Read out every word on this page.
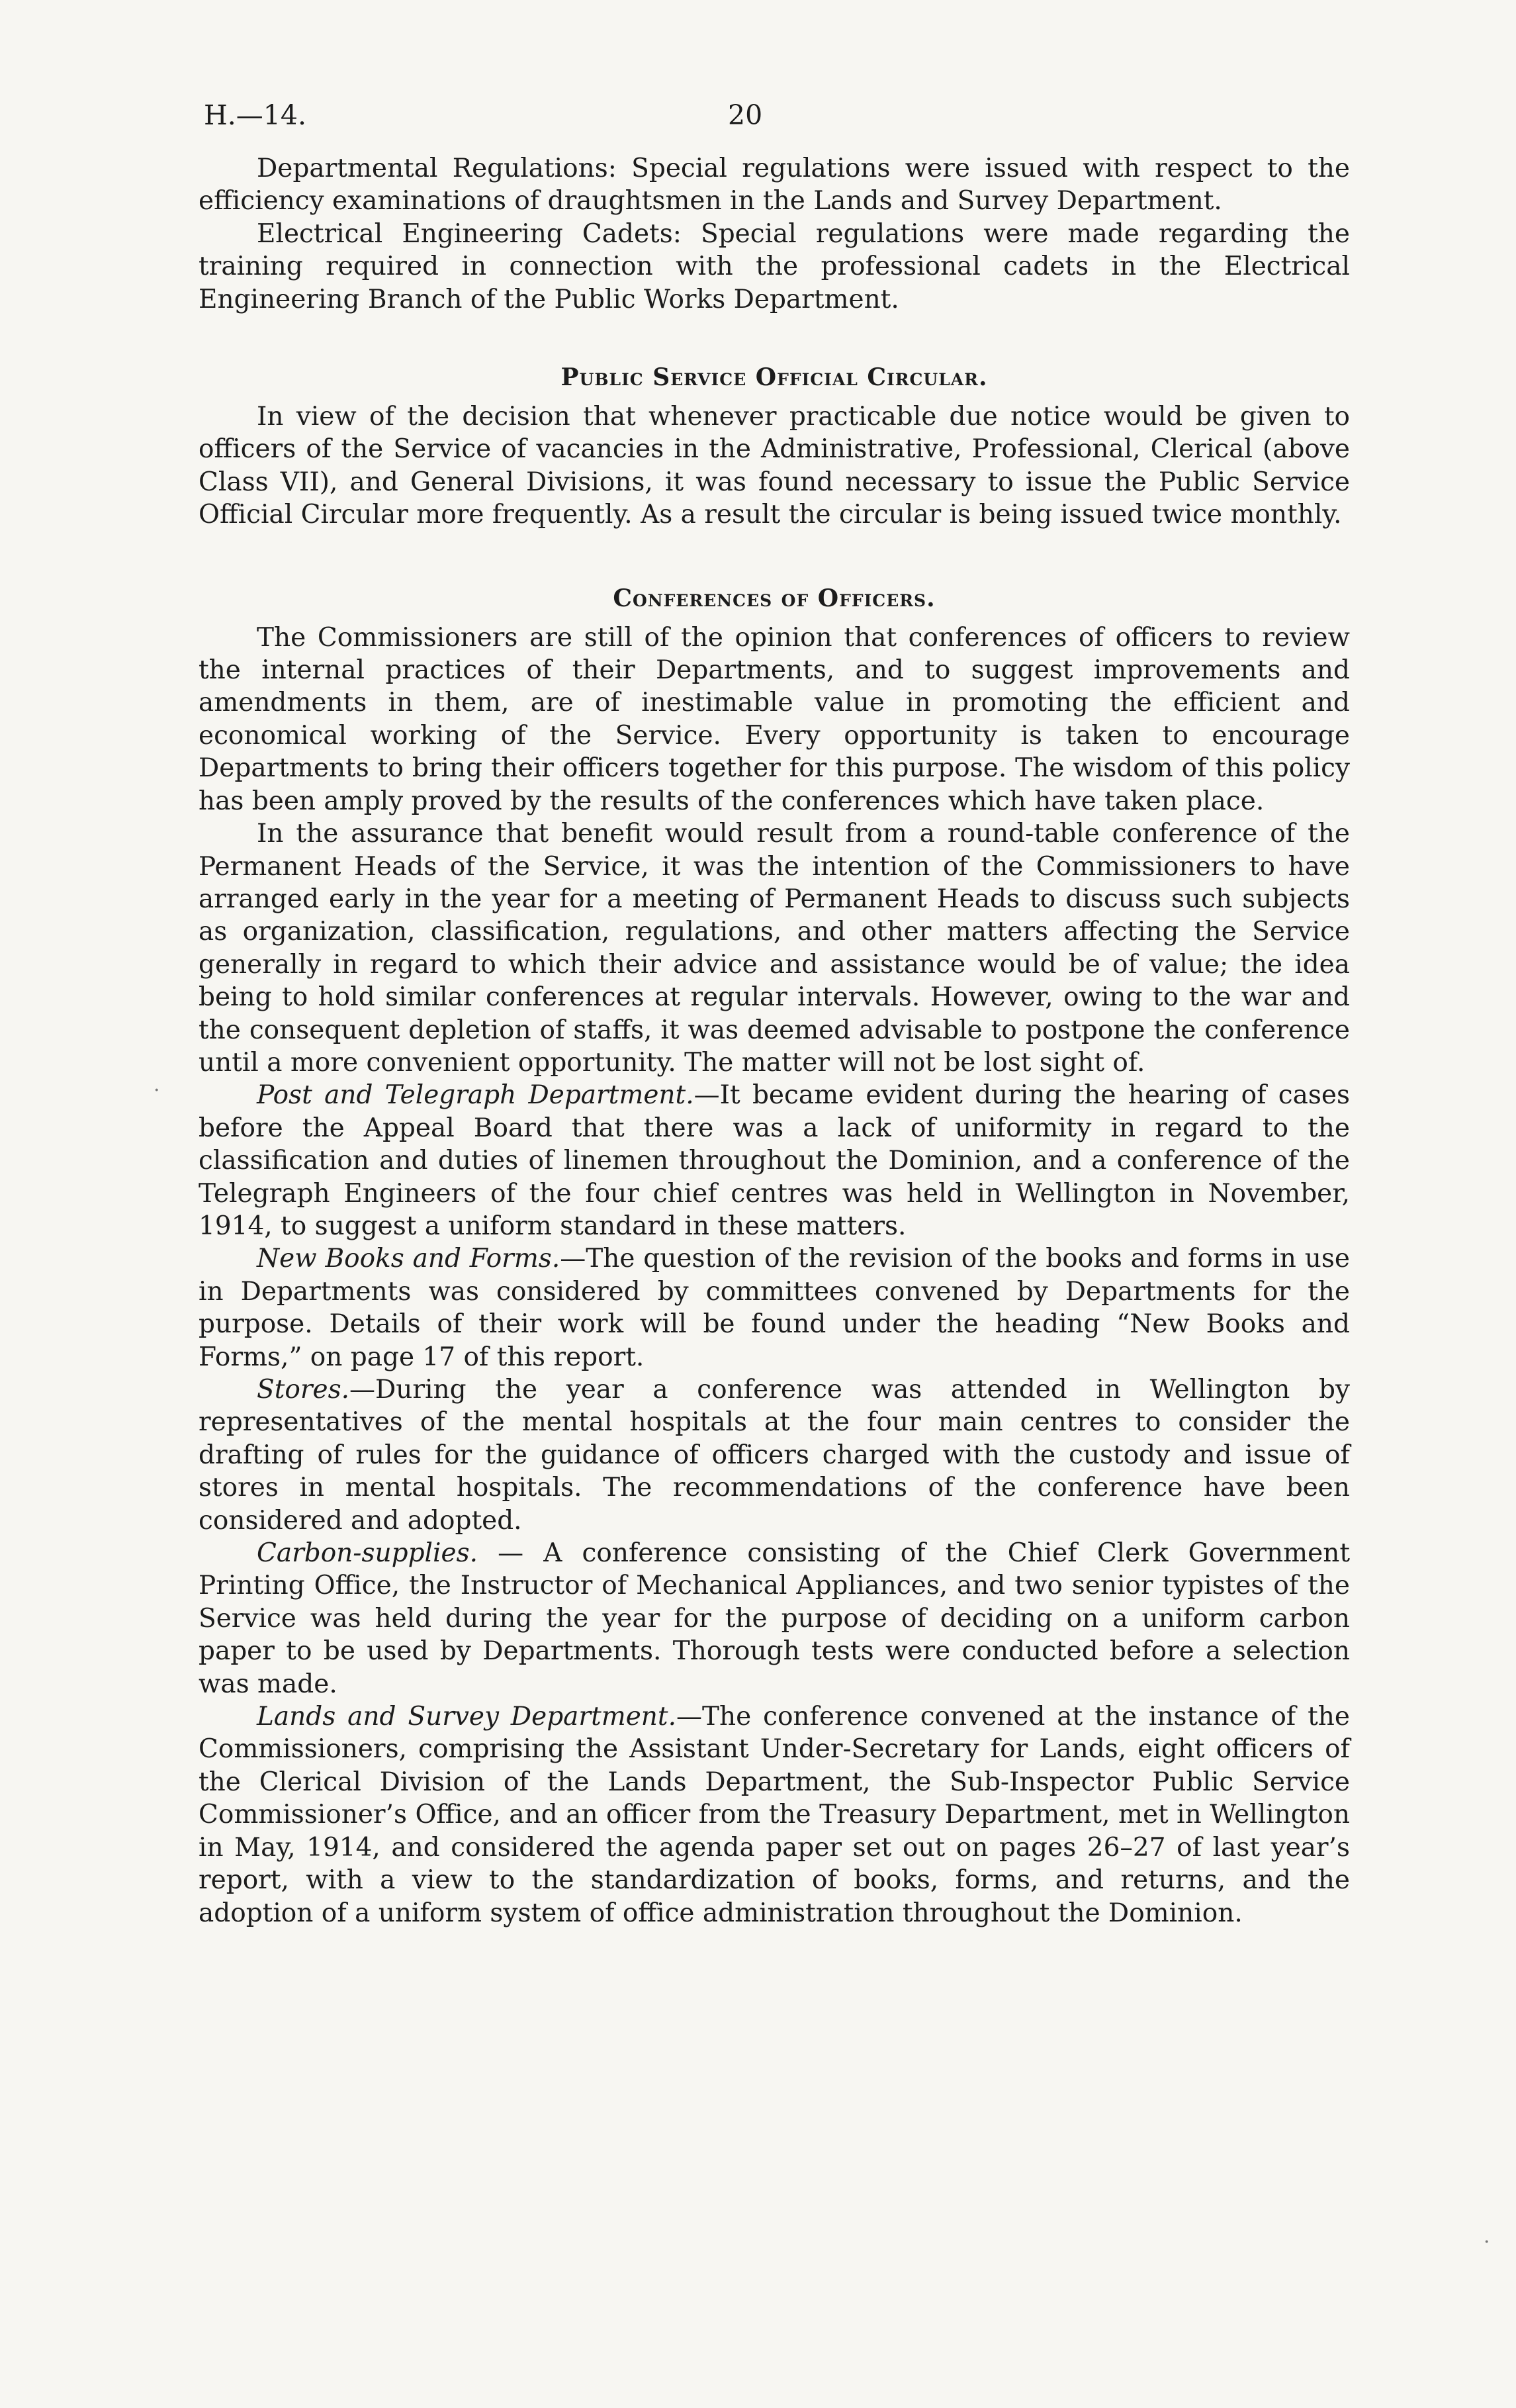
H.—14.	20

Departmental Regulations: Special regulations were issued with respect to the efficiency examinations of draughtsmen in the Lands and Survey Department.

Electrical Engineering Cadets: Special regulations were made regarding the training required in connection with the professional cadets in the Electrical Engineering Branch of the Public Works Department.

Public Service Official Circular.

In view of the decision that whenever practicable due notice would be given to officers of the Service of vacancies in the Administrative, Professional, Clerical (above Class VII), and General Divisions, it was found necessary to issue the Public Service Official Circular more frequently. As a result the circular is being issued twice monthly.

Conferences of Officers.

The Commissioners are still of the opinion that conferences of officers to review the internal practices of their Departments, and to suggest improvements and amendments in them, are of inestimable value in promoting the efficient and economical working of the Service. Every opportunity is taken to encourage Departments to bring their officers together for this purpose. The wisdom of this policy has been amply proved by the results of the conferences which have taken place.

In the assurance that benefit would result from a round-table conference of the Permanent Heads of the Service, it was the intention of the Commissioners to have arranged early in the year for a meeting of Permanent Heads to discuss such subjects as organization, classification, regulations, and other matters affecting the Service generally in regard to which their advice and assistance would be of value; the idea being to hold similar conferences at regular intervals. However, owing to the war and the consequent depletion of staffs, it was deemed advisable to postpone the conference until a more convenient opportunity. The matter will not be lost sight of.

Post and Telegraph Department.—It became evident during the hearing of cases before the Appeal Board that there was a lack of uniformity in regard to the classification and duties of linemen throughout the Dominion, and a conference of the Telegraph Engineers of the four chief centres was held in Wellington in November, 1914, to suggest a uniform standard in these matters.

New Books and Forms.—The question of the revision of the books and forms in use in Departments was considered by committees convened by Departments for the purpose. Details of their work will be found under the heading “New Books and Forms,” on page 17 of this report.

Stores.—During the year a conference was attended in Wellington by representatives of the mental hospitals at the four main centres to consider the drafting of rules for the guidance of officers charged with the custody and issue of stores in mental hospitals. The recommendations of the conference have been considered and adopted.

Carbon-supplies. — A conference consisting of the Chief Clerk Government Printing Office, the Instructor of Mechanical Appliances, and two senior typistes of the Service was held during the year for the purpose of deciding on a uniform carbon paper to be used by Departments. Thorough tests were conducted before a selection was made.

Lands and Survey Department.—The conference convened at the instance of the Commissioners, comprising the Assistant Under-Secretary for Lands, eight officers of the Clerical Division of the Lands Department, the Sub-Inspector Public Service Commissioner’s Office, and an officer from the Treasury Department, met in Wellington in May, 1914, and considered the agenda paper set out on pages 26–27 of last year’s report, with a view to the standardization of books, forms, and returns, and the adoption of a uniform system of office administration throughout the Dominion.

·
·
